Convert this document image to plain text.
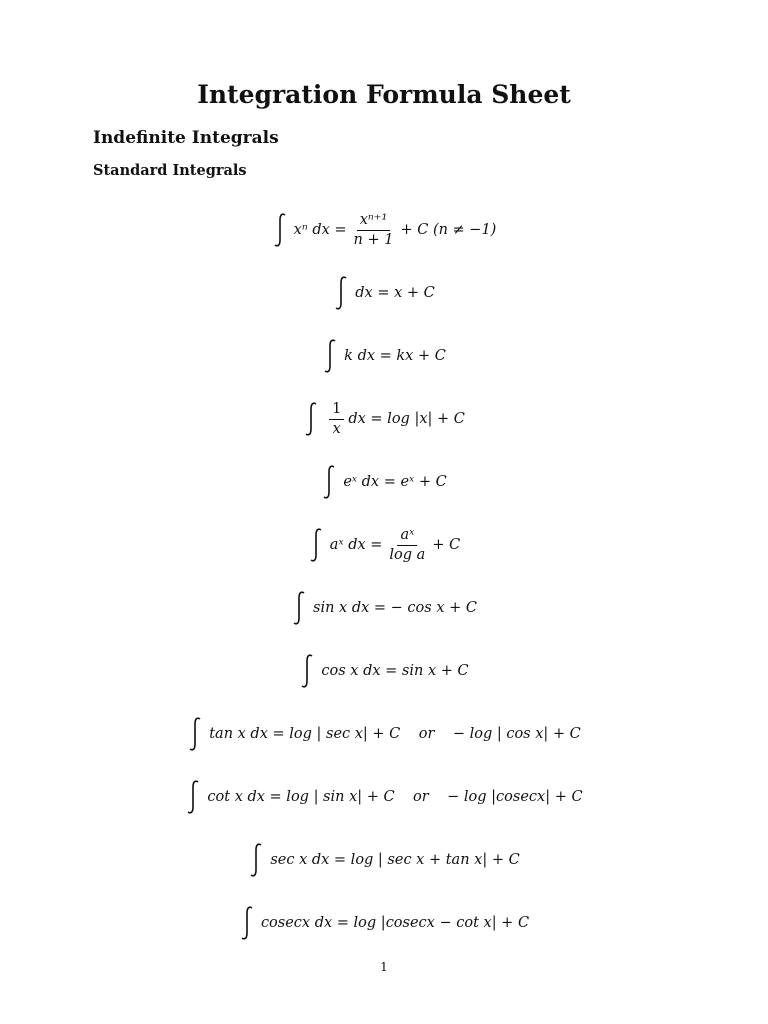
Integration Formula Sheet
Indefinite Integrals
Standard Integrals
xⁿ dx = $\frac{\text{xⁿ⁺¹}}{n + 1} + C$ (n ≠ −1)
dx = x + C
k dx = kx + C
$\frac{1}{x}$ dx = log |x| + C
eˣ dx = eˣ + C
aˣ dx = $\frac{\text{aˣ}}{\text{log a}} + C$
sin x dx = − cos x + C
cos x dx = sin x + C
tan x dx = log | sec x| + C    or    − log | cos x| + C
cot x dx = log | sin x| + C    or    − log |cosecx| + C
sec x dx = log | sec x + tan x| + C
cosecx dx = log |cosecx − cot x| + C

1
